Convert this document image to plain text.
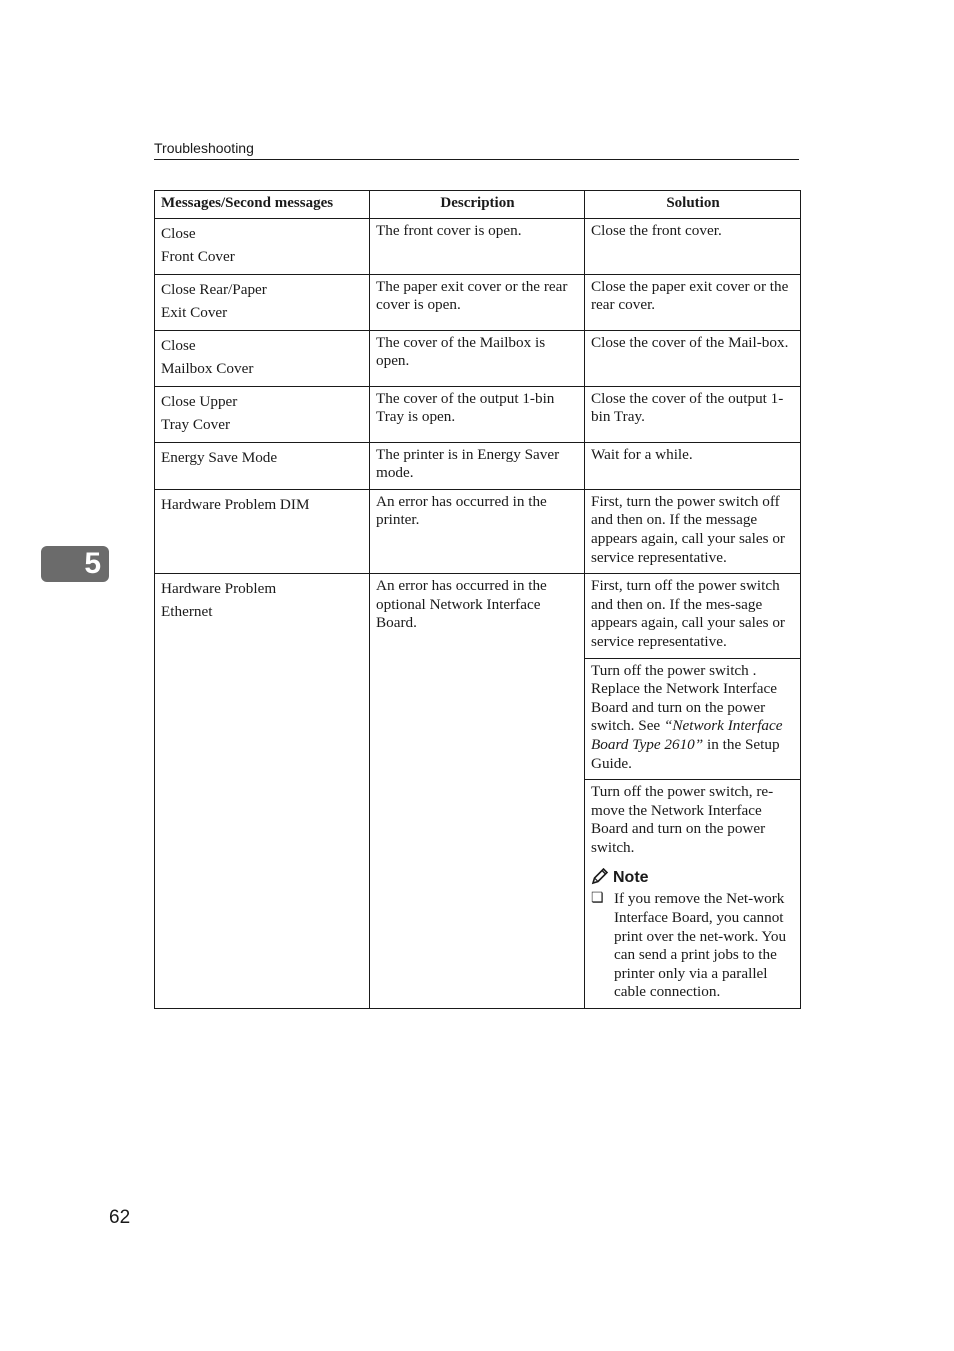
Troubleshooting
5
Messages/Second messages	Description	Solution

Close
Front Cover	The front cover is open.	Close the front cover.

Close Rear/Paper
Exit Cover	The paper exit cover or the rear cover is open.	Close the paper exit cover or the rear cover.

Close
Mailbox Cover	The cover of the Mailbox is open.	Close the cover of the Mail-box.

Close Upper
Tray Cover	The cover of the output 1-bin Tray is open.	Close the cover of the output 1-bin Tray.

Energy Save Mode	The printer is in Energy Saver mode.	Wait for a while.

Hardware Problem DIM	An error has occurred in the printer.	First, turn the power switch off and then on. If the message appears again, call your sales or service representative.

Hardware Problem
Ethernet	An error has occurred in the optional Network Interface Board.	First, turn off the power switch and then on. If the mes-sage appears again, call your sales or service representative.
		Turn off the power switch . Replace the Network Interface Board and turn on the power switch. See “Network Interface Board Type 2610” in the Setup Guide.

		Turn off the power switch, re-move the Network Interface Board and turn on the power switch.
Note
❏ If you remove the Net-work Interface Board, you cannot print over the net-work. You can send a print jobs to the printer only via a parallel cable connection.
62
